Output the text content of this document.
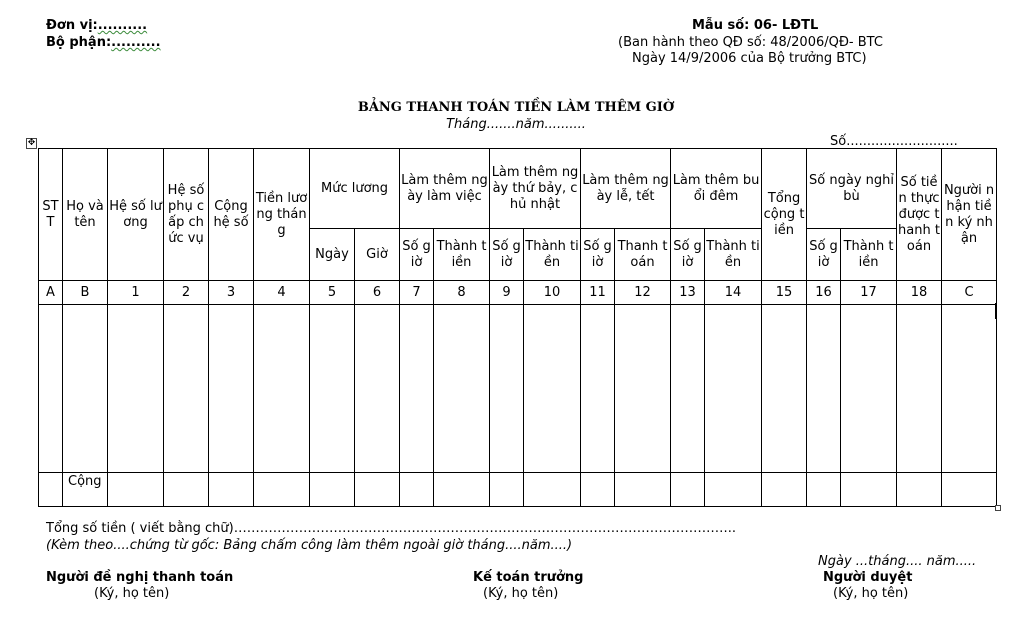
Đơn vị:..........
Bộ phận:..........
Mẫu số: 06- LĐTL
(Ban hành theo QĐ số: 48/2006/QĐ- BTC
Ngày 14/9/2006 của Bộ trưởng BTC)
BẢNG THANH TOÁN TIỀN LÀM THÊM GIỜ
Tháng.......năm..........
Số...........................
✥
STT	Họ và tên	Hệ số lương	Hệ số phụ cấp chức vụ	Cộng hệ số	Tiền lương tháng	Mức lương		Làm thêm ngày làm việc		Làm thêm ngày thứ bảy, chủ nhật		Làm thêm ngày lễ, tết		Làm thêm buổi đêm		Tổng cộng tiền	Số ngày nghỉ bù		Số tiền thực được thanh toán	Người nhận tiền ký nhận
						Ngày	Giờ	Số giờ	Thành tiền	Số giờ	Thành tiền	Số giờ	Thanh toán	Số giờ	Thành tiền		Số giờ	Thành tiền		
A	B	1	2	3	4	5	6	7	8	9	10	11	12	13	14	15	16	17	18	C

	Cộng																			
Tổng số tiền ( viết bằng chữ)……………………………………………………………………………………………………..
(Kèm theo....chứng từ gốc: Bảng chấm công làm thêm ngoài giờ tháng....năm....)
Ngày ...tháng.... năm.....
Người đề nghị thanh toán
(Ký, họ tên)
Kế toán trưởng
(Ký, họ tên)
Người duyệt
(Ký, họ tên)
